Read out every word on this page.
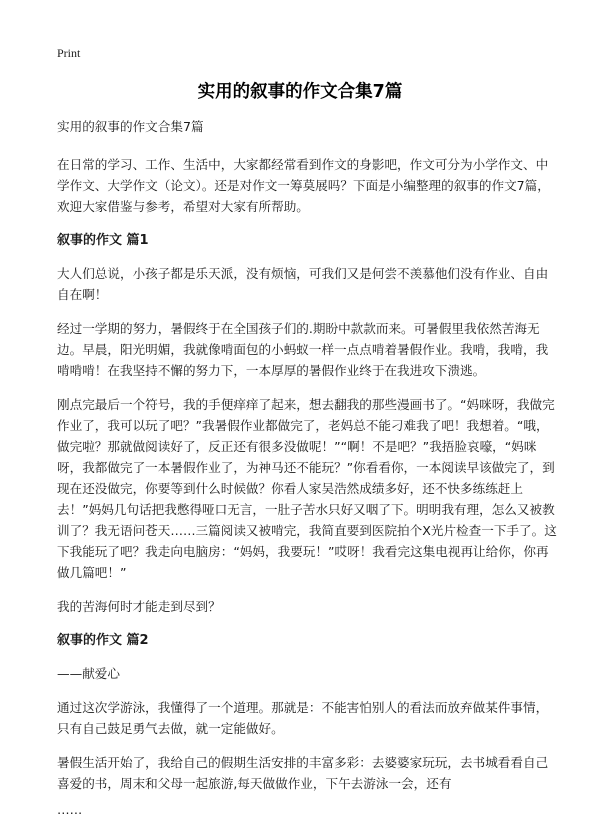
Print
实用的叙事的作文合集7篇

实用的叙事的作文合集7篇

在日常的学习、工作、生活中，大家都经常看到作文的身影吧，作文可分为小学作文、中学作文、大学作文（论文）。还是对作文一筹莫展吗？下面是小编整理的叙事的作文7篇，欢迎大家借鉴与参考，希望对大家有所帮助。

叙事的作文 篇1

大人们总说，小孩子都是乐天派，没有烦恼，可我们又是何尝不羡慕他们没有作业、自由自在啊！

经过一学期的努力，暑假终于在全国孩子们的.期盼中款款而来。可暑假里我依然苦海无边。早晨，阳光明媚，我就像啃面包的小蚂蚁一样一点点啃着暑假作业。我啃，我啃，我啃啃啃！在我坚持不懈的努力下，一本厚厚的暑假作业终于在我进攻下溃逃。

刚点完最后一个符号，我的手便痒痒了起来，想去翻我的那些漫画书了。“妈咪呀，我做完作业了，我可以玩了吧？”我暑假作业都做完了，老妈总不能刁难我了吧！我想着。“哦，做完啦？那就做阅读好了，反正还有很多没做呢！”“啊！不是吧？”我捂脸哀嚎，“妈咪呀，我都做完了一本暑假作业了，为神马还不能玩？”你看看你，一本阅读早该做完了，到现在还没做完，你要等到什么时候做？你看人家吴浩然成绩多好，还不快多练练赶上去！”妈妈几句话把我憋得哑口无言，一肚子苦水只好又咽了下。明明我有理，怎么又被教训了？我无语问苍天……三篇阅读又被啃完，我简直要到医院拍个X光片检查一下手了。这下我能玩了吧？我走向电脑房：“妈妈，我要玩！”哎呀！我看完这集电视再让给你，你再做几篇吧！”

我的苦海何时才能走到尽到？

叙事的作文 篇2

——献爱心

通过这次学游泳，我懂得了一个道理。那就是：不能害怕别人的看法而放弃做某件事情，只有自己鼓足勇气去做，就一定能做好。

暑假生活开始了，我给自己的假期生活安排的丰富多彩：去婆婆家玩玩，去书城看看自己喜爱的书，周末和父母一起旅游,每天做做作业，下午去游泳一会，还有

……
